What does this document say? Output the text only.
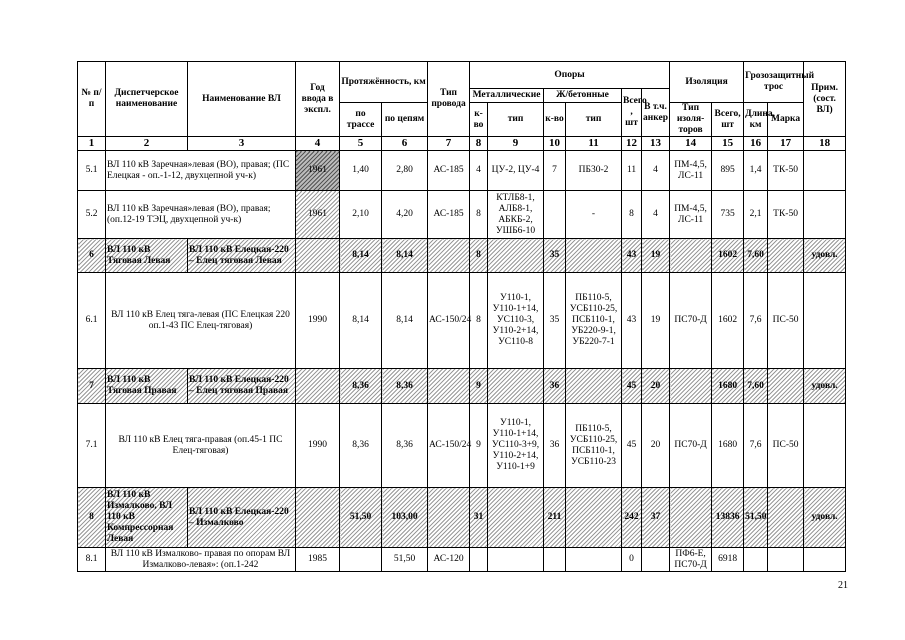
№ п/п	Диспетчерское наименование	Наименование ВЛ	Год ввода в экспл.	Протяжённость, км		Тип провода	Опоры						Изоляция		Грозозащитный трос		Прим. (сост. ВЛ)
							Металлические		Ж/бетонные		Всего , шт	В т.ч. анкер					
				по трассе	по цепям		к-во	тип	к-во	тип			Тип изоля-торов	Всего, шт	Длина, км	Марка	
1	2	3	4	5	6	7	8	9	10	11	12	13	14	15	16	17	18
5.1	ВЛ 110 кВ Заречная»левая (ВО), правая; (ПС Елецкая - оп.-1-12, двухцепной уч-к)		1961	1,40	2,80	АС-185	4	ЦУ-2, ЦУ-4	7	ПБ30-2	11	4	ПМ-4,5, ЛС-11	895	1,4	ТК-50	
5.2	ВЛ 110 кВ Заречная»левая (ВО), правая; (оп.12-19 ТЭЦ, двухцепной уч-к)		1961	2,10	4,20	АС-185	8	КТЛБ8-1, АЛБ8-1, АБКБ-2, УШБ6-10		-	8	4	ПМ-4,5, ЛС-11	735	2,1	ТК-50	
6	ВЛ 110 кВ Тяговая Левая	ВЛ 110 кВ Елецкая-220 – Елец тяговая Левая		8,14	8,14		8		35		43	19		1602	7,60		удовл.
6.1	ВЛ 110 кВ Елец тяга-левая (ПС Елецкая 220 оп.1-43 ПС Елец-тяговая)		1990	8,14	8,14	АС-150/24	8	У110-1, У110-1+14, УС110-3, У110-2+14, УС110-8	35	ПБ110-5, УСБ110-25, ПСБ110-1, УБ220-9-1, УБ220-7-1	43	19	ПС70-Д	1602	7,6	ПС-50	
7	ВЛ 110 кВ Тяговая Правая	ВЛ 110 кВ Елецкая-220 – Елец тяговая Правая		8,36	8,36		9		36		45	20		1680	7,60		удовл.
7.1	ВЛ 110 кВ Елец тяга-правая (оп.45-1 ПС Елец-тяговая)		1990	8,36	8,36	АС-150/24	9	У110-1, У110-1+14, УС110-3+9, У110-2+14, У110-1+9	36	ПБ110-5, УСБ110-25, ПСБ110-1, УСБ110-23	45	20	ПС70-Д	1680	7,6	ПС-50	
8	ВЛ 110 кВ Измалково, ВЛ 110 кВ Компрессорная Левая	ВЛ 110 кВ Елецкая-220 – Измалково		51,50	103,00		31		211		242	37		13836	51,50		удовл.
8.1	ВЛ 110 кВ Измалково- правая по опорам ВЛ Измалково-левая»: (оп.1-242		1985		51,50	АС-120					0		ПФ6-Е, ПС70-Д	6918			
21
